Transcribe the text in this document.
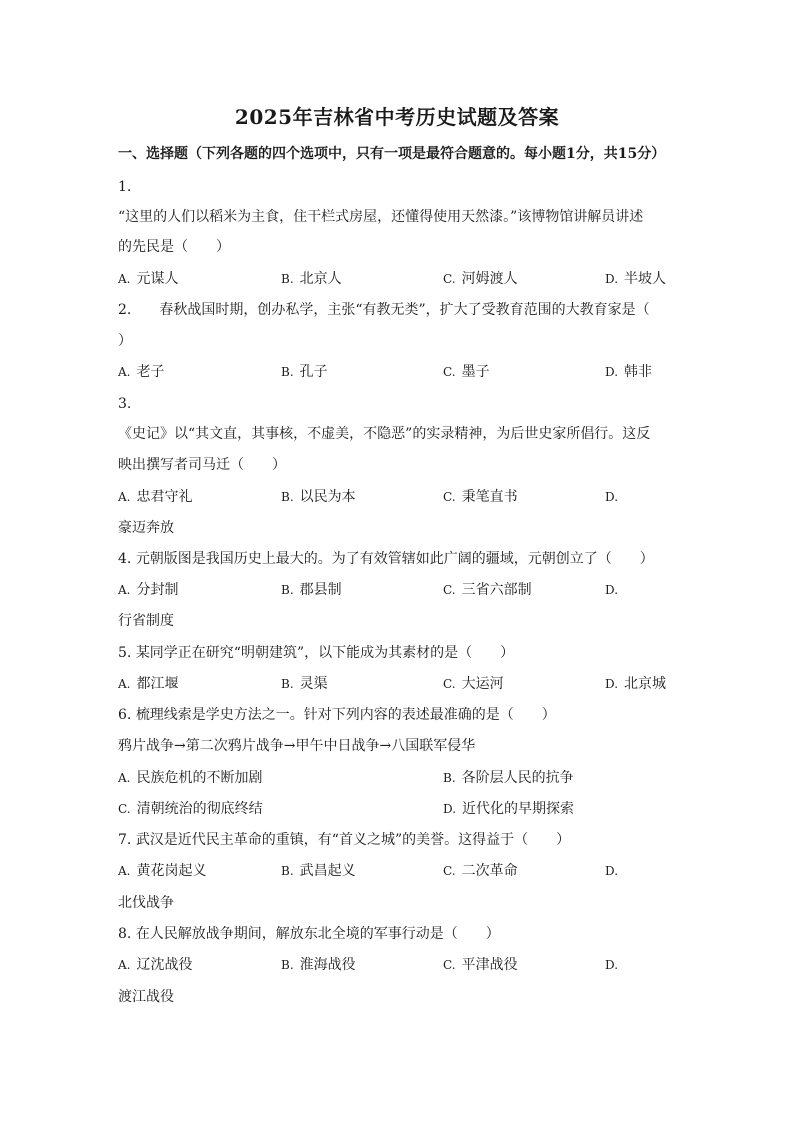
2025年吉林省中考历史试题及答案
一、选择题（下列各题的四个选项中，只有一项是最符合题意的。每小题1分，共15分）
1.
“这里的人们以稻米为主食，住干栏式房屋，还懂得使用天然漆。”该博物馆讲解员讲述
的先民是（　　）
A. 元谋人	B. 北京人	C. 河姆渡人	D. 半坡人
2. 春秋战国时期，创办私学，主张“有教无类”，扩大了受教育范围的大教育家是（
）
A. 老子	B. 孔子	C. 墨子	D. 韩非
3.
《史记》以“其文直，其事核，不虚美，不隐恶”的实录精神，为后世史家所倡行。这反
映出撰写者司马迁（　　）
A. 忠君守礼	B. 以民为本	C. 秉笔直书	D.
豪迈奔放
4. 元朝版图是我国历史上最大的。为了有效管辖如此广阔的疆域，元朝创立了（　　）
A. 分封制	B. 郡县制	C. 三省六部制	D.
行省制度
5. 某同学正在研究“明朝建筑”，以下能成为其素材的是（　　）
A. 都江堰	B. 灵渠	C. 大运河	D. 北京城
6. 梳理线索是学史方法之一。针对下列内容的表述最准确的是（　　）
鸦片战争→第二次鸦片战争→甲午中日战争→八国联军侵华
A. 民族危机的不断加剧	B. 各阶层人民的抗争
C. 清朝统治的彻底终结	D. 近代化的早期探索
7. 武汉是近代民主革命的重镇，有“首义之城”的美誉。这得益于（　　）
A. 黄花岗起义	B. 武昌起义	C. 二次革命	D.
北伐战争
8. 在人民解放战争期间，解放东北全境的军事行动是（　　）
A. 辽沈战役	B. 淮海战役	C. 平津战役	D.
渡江战役
